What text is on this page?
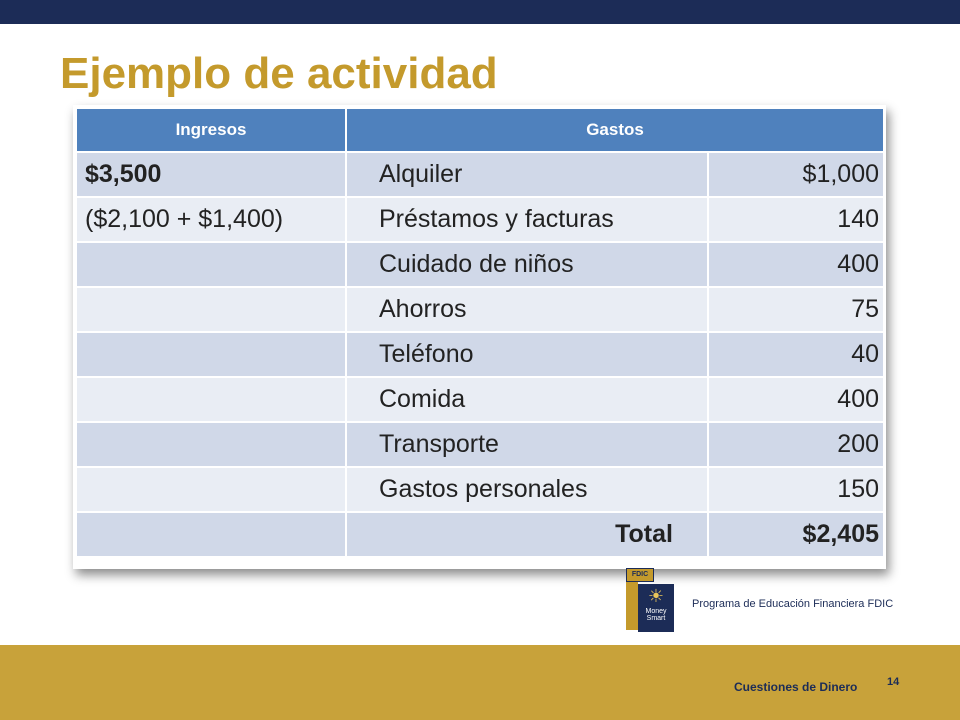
Ejemplo de actividad
Ingresos	Gastos	
$3,500	Alquiler	$1,000
($2,100 + $1,400)	Préstamos y facturas	140
	Cuidado de niños	400
	Ahorros	75
	Teléfono	40
	Comida	400
	Transporte	200
	Gastos personales	150
	Total	$2,405
FDIC
☀
Money Smart
Programa de Educación Financiera FDIC
Cuestiones de Dinero	14
